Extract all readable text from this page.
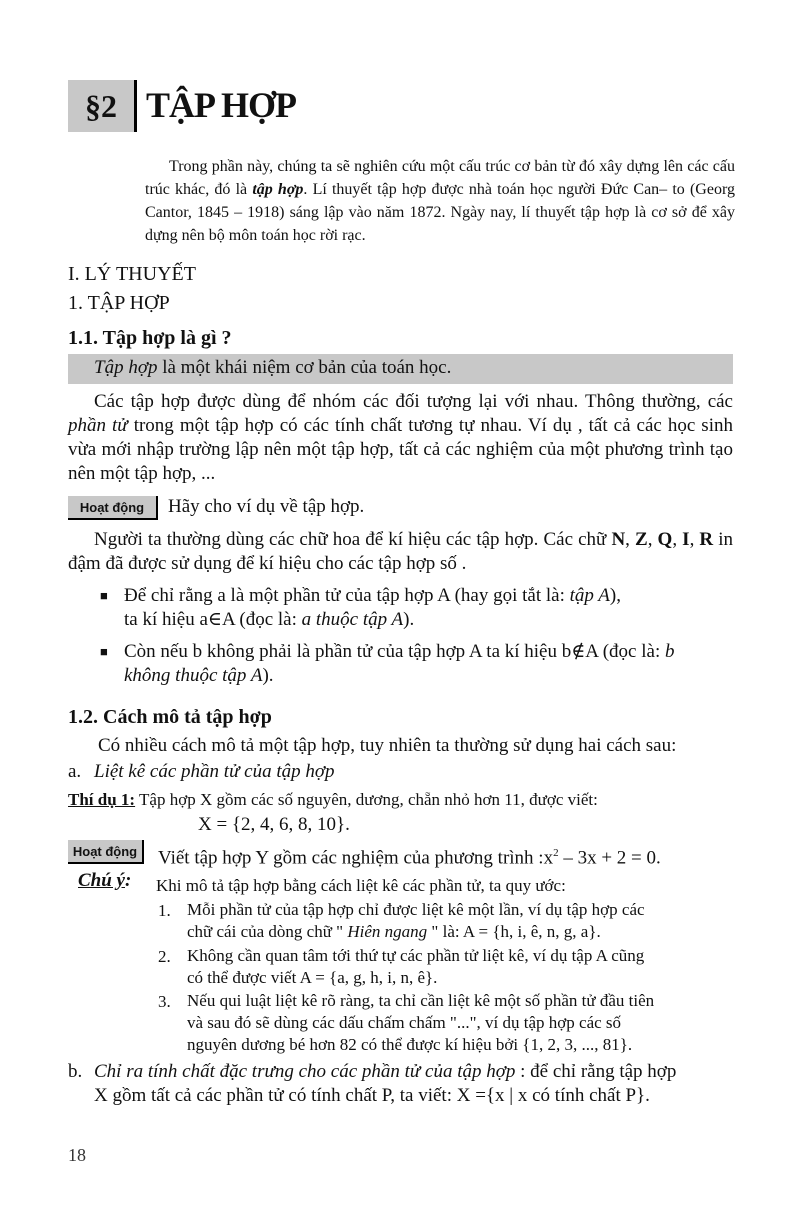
§2 TẬP HỢP

Trong phần này, chúng ta sẽ nghiên cứu một cấu trúc cơ bản từ đó xây dựng lên các cấu trúc khác, đó là tập hợp. Lí thuyết tập hợp được nhà toán học người Đức Can– to (Georg Cantor, 1845 – 1918) sáng lập vào năm 1872. Ngày nay, lí thuyết tập hợp là cơ sở để xây dựng nên bộ môn toán học rời rạc.

I. LÝ THUYẾT
1. TẬP HỢP
1.1. Tập hợp là gì ?
Tập hợp là một khái niệm cơ bản của toán học.
Các tập hợp được dùng để nhóm các đối tượng lại với nhau. Thông thường, các phần tử trong một tập hợp có các tính chất tương tự nhau. Ví dụ , tất cả các học sinh vừa mới nhập trường lập nên một tập hợp, tất cả các nghiệm của một phương trình tạo nên một tập hợp, ...
Hoạt động	Hãy cho ví dụ về tập hợp.
Người ta thường dùng các chữ hoa để kí hiệu các tập hợp. Các chữ N, Z, Q, I, R in đậm đã được sử dụng để kí hiệu cho các tập hợp số .
■ Để chỉ rằng a là một phần tử của tập hợp A (hay gọi tắt là: tập A),
ta kí hiệu a∈A (đọc là: a thuộc tập A).
■ Còn nếu b không phải là phần tử của tập hợp A ta kí hiệu b∉A (đọc là: b
không thuộc tập A).
1.2. Cách mô tả tập hợp
Có nhiều cách mô tả một tập hợp, tuy nhiên ta thường sử dụng hai cách sau:
a. Liệt kê các phần tử của tập hợp
Thí dụ 1: Tập hợp X gồm các số nguyên, dương, chẵn nhỏ hơn 11, được viết:
X = {2, 4, 6, 8, 10}.
Hoạt động	Viết tập hợp Y gồm các nghiệm của phương trình $:x^2 - 3x + 2 = 0$.
Chú ý: Khi mô tả tập hợp bằng cách liệt kê các phần tử, ta quy ước:
1. Mỗi phần tử của tập hợp chỉ được liệt kê một lần, ví dụ tập hợp các
chữ cái của dòng chữ " Hiên ngang " là: A = {h, i, ê, n, g, a}.
2. Không cần quan tâm tới thứ tự các phần tử liệt kê, ví dụ tập A cũng
có thể được viết A = {a, g, h, i, n, ê}.
3. Nếu qui luật liệt kê rõ ràng, ta chỉ cần liệt kê một số phần tử đầu tiên
và sau đó sẽ dùng các dấu chấm chấm "...", ví dụ tập hợp các số
nguyên dương bé hơn 82 có thể được kí hiệu bởi {1, 2, 3, ..., 81}.
b. Chỉ ra tính chất đặc trưng cho các phần tử của tập hợp : để chỉ rằng tập hợp
X gồm tất cả các phần tử có tính chất P, ta viết: X ={x | x có tính chất P}.
18
